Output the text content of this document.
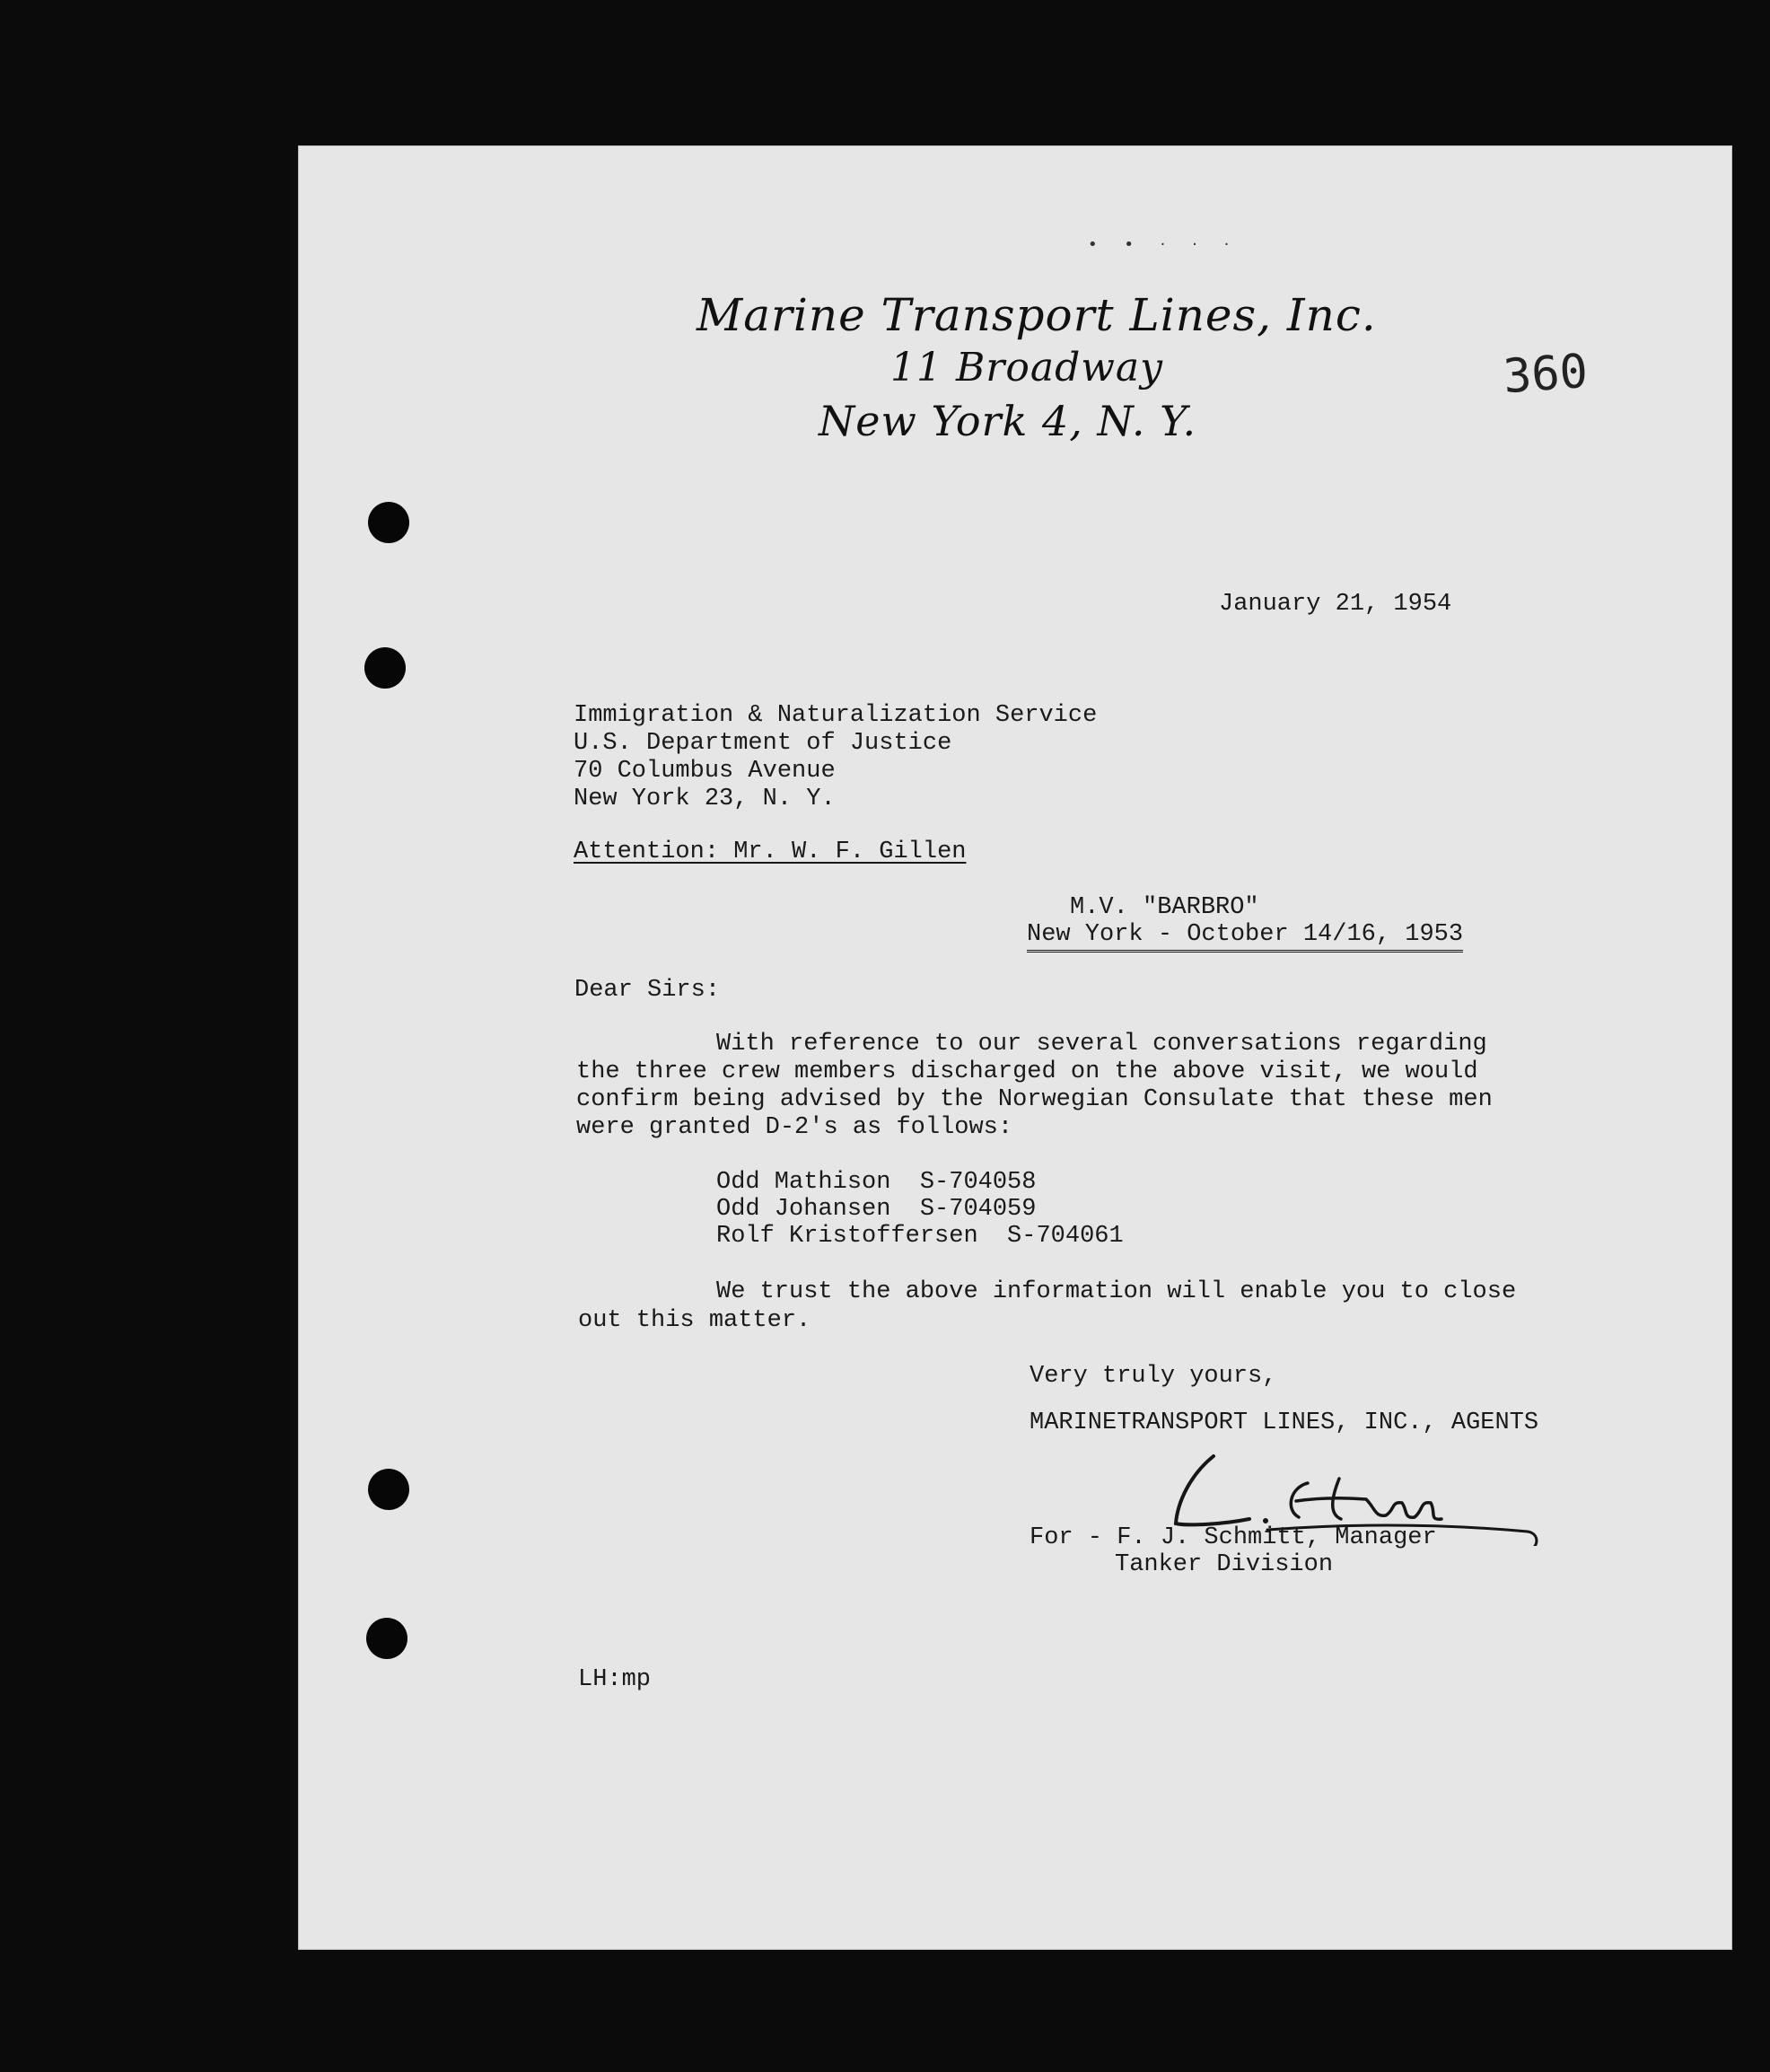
• • · · ·
Marine Transport Lines, Inc.
11 Broadway
New York 4, N. Y.
360
January 21, 1954
Immigration & Naturalization Service
U.S. Department of Justice
70 Columbus Avenue
New York 23, N. Y.
Attention: Mr. W. F. Gillen
M.V. "BARBRO"
New York - October 14/16, 1953
Dear Sirs:
With reference to our several conversations regarding
the three crew members discharged on the above visit, we would
confirm being advised by the Norwegian Consulate that these men
were granted D-2's as follows:
Odd Mathison  S-704058
Odd Johansen  S-704059
Rolf Kristoffersen  S-704061
We trust the above information will enable you to close
out this matter.
Very truly yours,
MARINETRANSPORT LINES, INC., AGENTS
For - F. J. Schmitt, Manager
Tanker Division
LH:mp
